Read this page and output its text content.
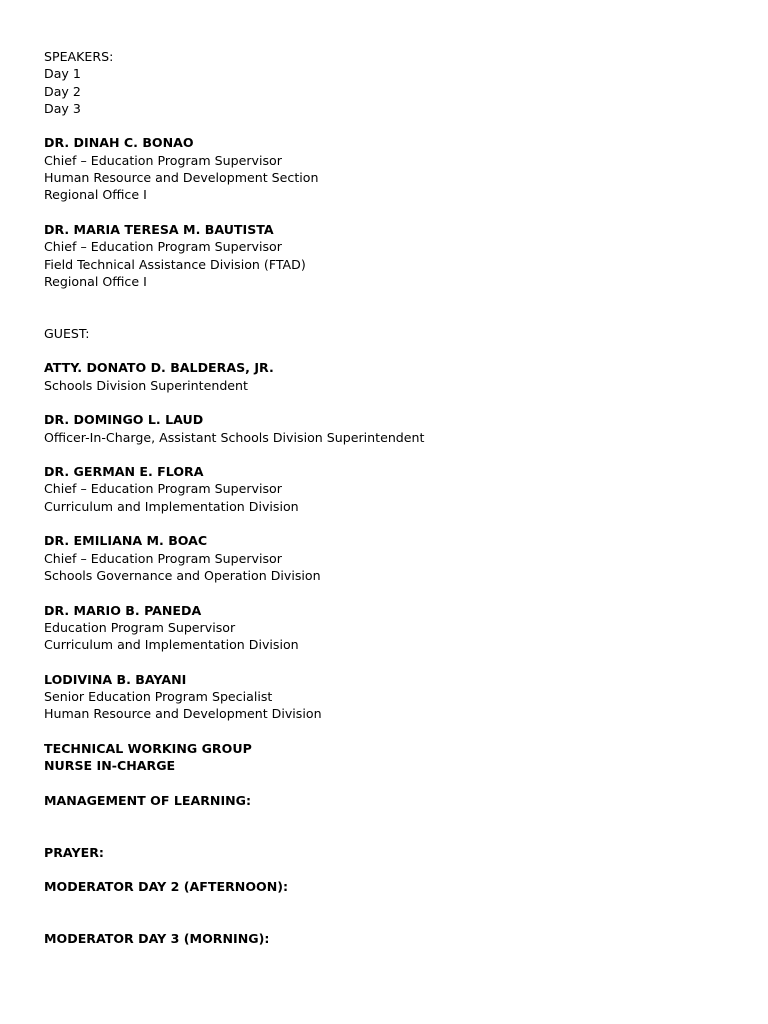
SPEAKERS:
Day 1
Day 2
Day 3
DR. DINAH C. BONAO
Chief – Education Program Supervisor
Human Resource and Development Section
Regional Office I
DR. MARIA TERESA M. BAUTISTA
Chief – Education Program Supervisor
Field Technical Assistance Division (FTAD)
Regional Office I
GUEST:
ATTY. DONATO D. BALDERAS, JR.
Schools Division Superintendent
DR. DOMINGO L. LAUD
Officer-In-Charge, Assistant Schools Division Superintendent
DR. GERMAN E. FLORA
Chief – Education Program Supervisor
Curriculum and Implementation Division
DR. EMILIANA M. BOAC
Chief – Education Program Supervisor
Schools Governance and Operation Division
DR. MARIO B. PANEDA
Education Program Supervisor
Curriculum and Implementation Division
LODIVINA B. BAYANI
Senior Education Program Specialist
Human Resource and Development Division
TECHNICAL WORKING GROUP
NURSE IN-CHARGE
MANAGEMENT OF LEARNING:
PRAYER:
MODERATOR DAY 2 (AFTERNOON):
MODERATOR DAY 3 (MORNING):
